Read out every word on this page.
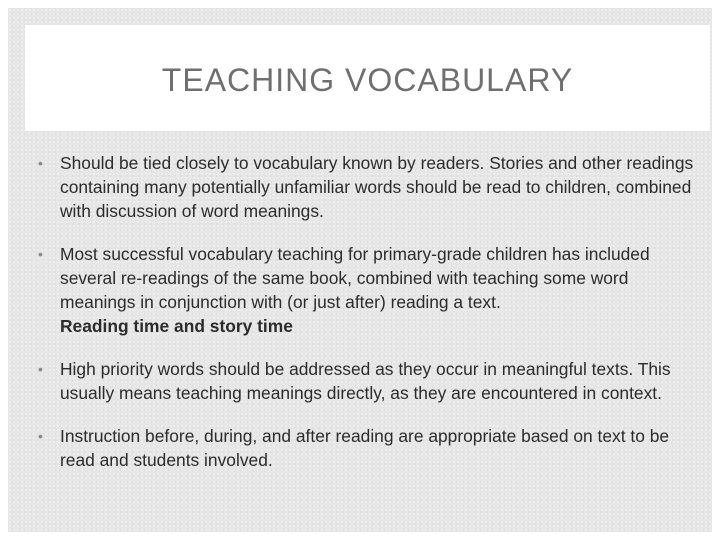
TEACHING VOCABULARY
• Should be tied closely to vocabulary known by readers. Stories and other readings containing many potentially unfamiliar words should be read to children, combined with discussion of word meanings.
• Most successful vocabulary teaching for primary-grade children has included several re-readings of the same book, combined with teaching some word meanings in conjunction with (or just after) reading a text.
Reading time and story time
• High priority words should be addressed as they occur in meaningful texts. This usually means teaching meanings directly, as they are encountered in context.
• Instruction before, during, and after reading are appropriate based on text to be read and students involved.
